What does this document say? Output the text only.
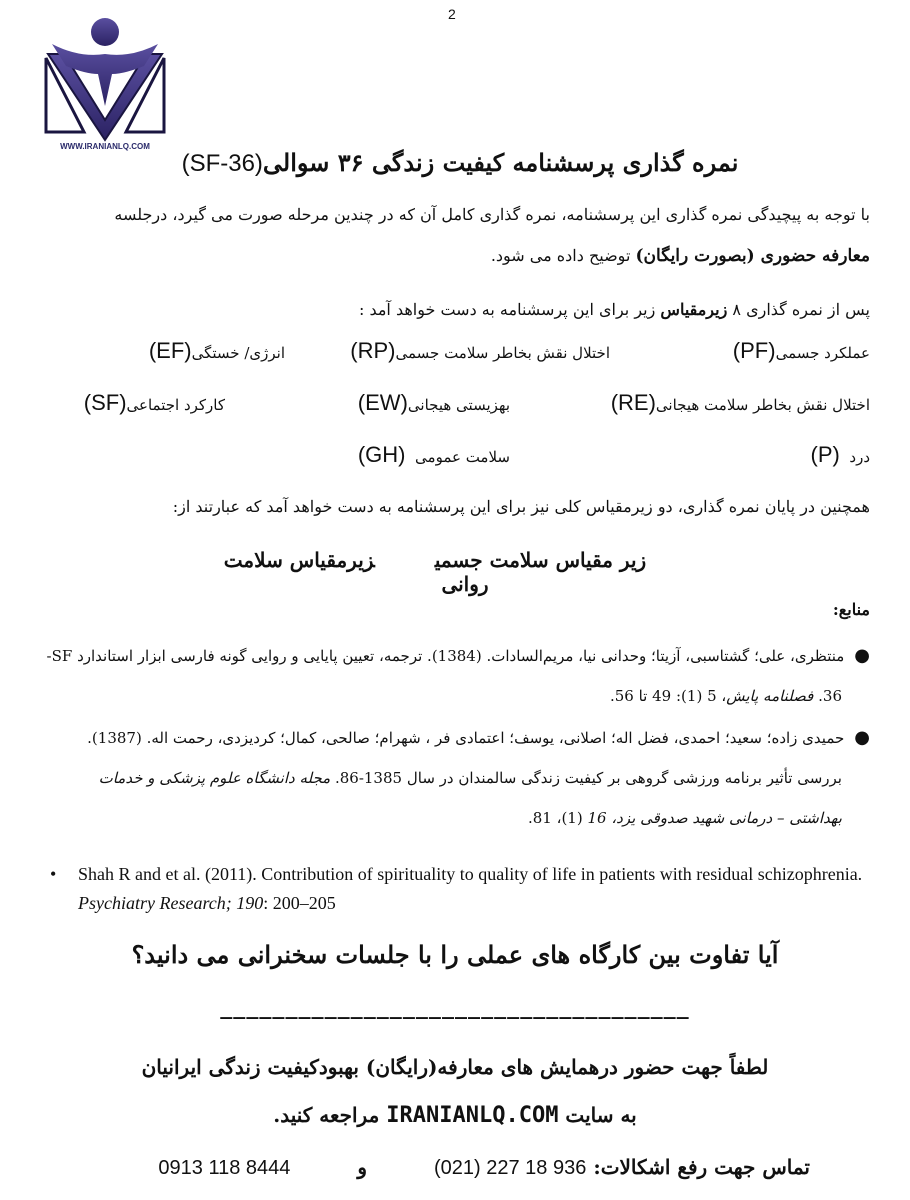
2
WWW.IRANIANLQ.COM
نمره گذاری پرسشنامه کیفیت زندگی ۳۶ سوالی(SF-36)
با توجه به پیچیدگی نمره گذاری این پرسشنامه، نمره گذاری کامل آن که در چندین مرحله صورت می گیرد، درجلسه
معارفه حضوری (بصورت رایگان) توضیح داده می شود.
پس از نمره گذاری ۸ زیرمقیاس زیر برای این پرسشنامه به دست خواهد آمد :
عملکرد جسمی(PF)
اختلال نقش بخاطر سلامت جسمی(RP)
انرژی/ خستگی(EF)
اختلال نقش بخاطر سلامت هیجانی(RE)
بهزیستی هیجانی(EW)
کارکرد اجتماعی(SF)
درد  (P)
سلامت عمومی  (GH)
همچنین در پایان نمره گذاری، دو زیرمقیاس کلی نیز برای این پرسشنامه به دست خواهد آمد که عبارتند از:
زیر مقیاس سلامت جسمیزیرمقیاس سلامت روانی
منابع:
●منتظری، علی؛ گشتاسبی، آزیتا؛ وحدانی نیا، مریم‌السادات. (1384). ترجمه، تعیین پایایی و روایی گونه فارسی ابزار استاندارد SF-
36. فصلنامه پایش، 5 (1): 49 تا 56.
●حمیدی زاده؛ سعید؛ احمدی، فضل اله؛ اصلانی، یوسف؛ اعتمادی فر ، شهرام؛ صالحی، کمال؛ کردیزدی، رحمت اله. (1387).
بررسی تأثیر برنامه ورزشی گروهی بر کیفیت زندگی سالمندان در سال 1385-86. مجله دانشگاه علوم پزشکی و خدمات
بهداشتی – درمانی شهید صدوقی یزد، 16 (1)، 81.
• Shah R and et al. (2011). Contribution of spirituality to quality of life in patients with residual schizophrenia. Psychiatry Research; 190: 200–205
آیا تفاوت بین کارگاه های عملی را با جلسات سخنرانی می دانید؟
____________________________________
لطفاً جهت حضور درهمایش های معارفه(رایگان) بهبودکیفیت زندگی ایرانیان
به سایت IRANIANLQ.COM مراجعه کنید.
تماس جهت رفع اشکالات: (021) 227 18 936 و 0913 118 8444
